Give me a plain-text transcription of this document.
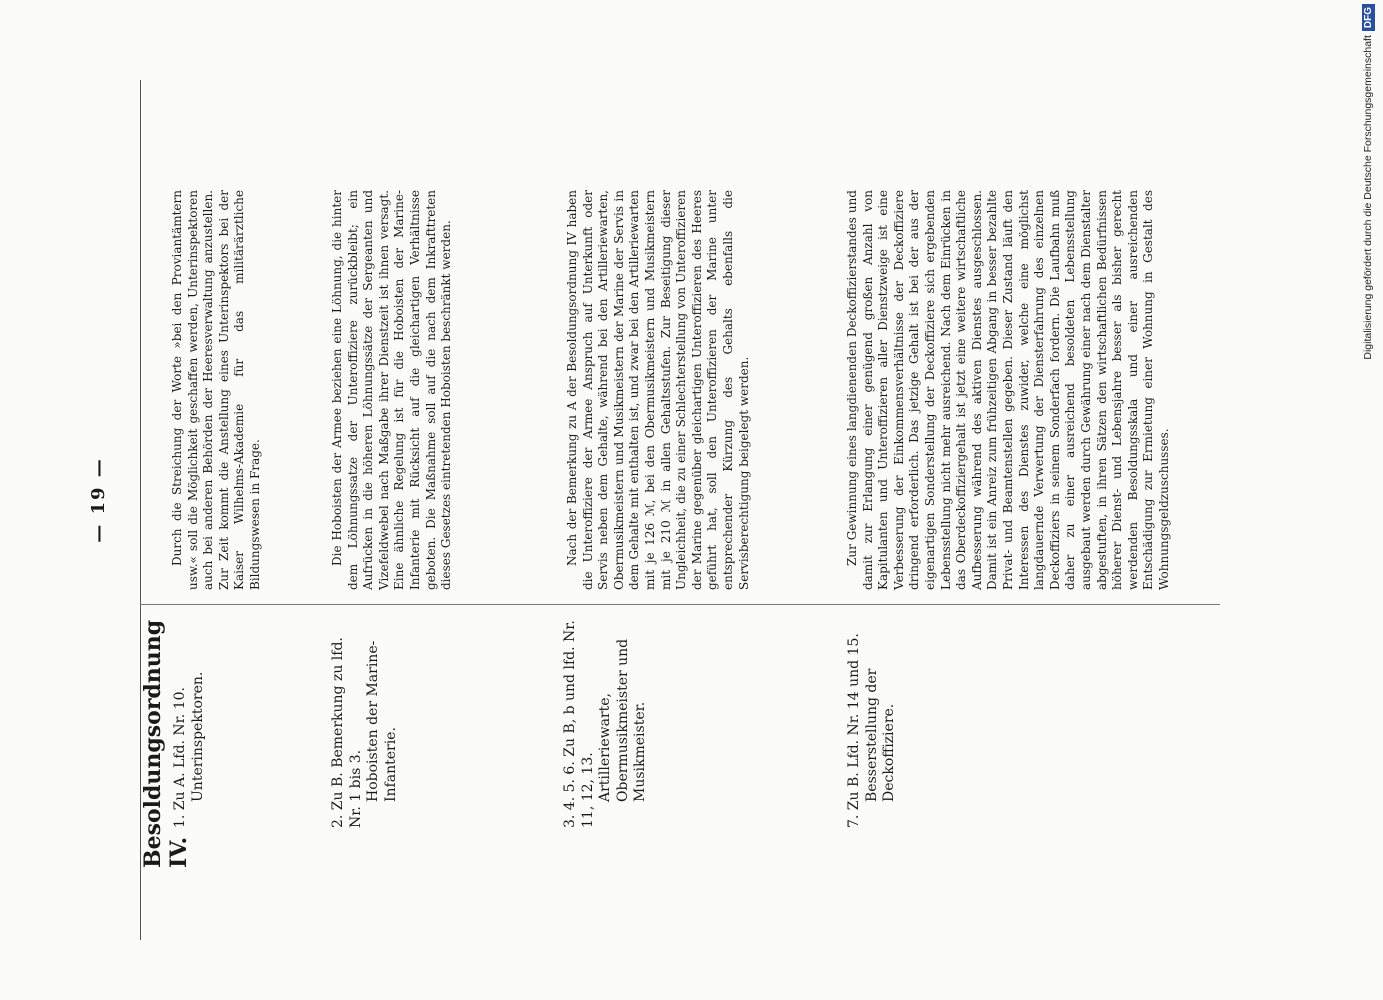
— 19 —
Besoldungsordnung IV.
1. Zu A. Lfd. Nr. 10. Unterinspektoren.
Durch die Streichung der Worte »bei den Proviantämtern usw.« soll die Möglichkeit geschaffen werden, Unterinspektoren auch bei anderen Behörden der Heeresverwaltung anzustellen. Zur Zeit kommt die Anstellung eines Unterinspektors bei der Kaiser Wilhelms-Akademie für das militärärztliche Bildungswesen in Frage.
2. Zu B. Bemerkung zu lfd. Nr. 1 bis 3. Hoboisten der Marine-Infanterie.
Die Hoboisten der Armee beziehen eine Löhnung, die hinter dem Löhnungssatze der Unteroffiziere zurückbleibt; ein Aufrücken in die höheren Löhnungssätze der Sergeanten und Vizefeldwebel nach Maßgabe ihrer Dienstzeit ist ihnen versagt. Eine ähnliche Regelung ist für die Hoboisten der Marine-Infanterie mit Rücksicht auf die gleichartigen Verhältnisse geboten. Die Maßnahme soll auf die nach dem Inkrafttreten dieses Gesetzes eintretenden Hoboisten beschränkt werden.
3. 4. 5. 6. Zu B, b und lfd. Nr. 11, 12, 13. Artilleriewarte, Obermusikmeister und Musikmeister.
Nach der Bemerkung zu A der Besoldungsordnung IV haben die Unteroffiziere der Armee Anspruch auf Unterkunft oder Servis neben dem Gehalte, während bei den Artilleriewarten, Obermusikmeistern und Musikmeistern der Marine der Servis in dem Gehalte mit enthalten ist, und zwar bei den Artilleriewarten mit je 126 ℳ, bei den Obermusikmeistern und Musikmeistern mit je 210 ℳ in allen Gehaltsstufen. Zur Beseitigung dieser Ungleichheit, die zu einer Schlechterstellung von Unteroffizieren der Marine gegenüber gleichartigen Unteroffizieren des Heeres geführt hat, soll den Unteroffizieren der Marine unter entsprechender Kürzung des Gehalts ebenfalls die Servisberechtigung beigelegt werden.
7. Zu B. Lfd. Nr. 14 und 15. Besserstellung der Deckoffiziere.
Zur Gewinnung eines langdienenden Deckoffizierstandes und damit zur Erlangung einer genügend großen Anzahl von Kapitulanten und Unteroffizieren aller Dienstzweige ist eine Verbesserung der Einkommensverhältnisse der Deckoffiziere dringend erforderlich. Das jetzige Gehalt ist bei der aus der eigenartigen Sonderstellung der Deckoffiziere sich ergebenden Lebensstellung nicht mehr ausreichend. Nach dem Einrücken in das Oberdeckoffiziergehalt ist jetzt eine weitere wirtschaftliche Aufbesserung während des aktiven Dienstes ausgeschlossen. Damit ist ein Anreiz zum frühzeitigen Abgang in besser bezahlte Privat- und Beamtenstellen gegeben. Dieser Zustand läuft den Interessen des Dienstes zuwider, welche eine möglichst langdauernde Verwertung der Diensterfahrung des einzelnen Deckoffiziers in seinem Sonderfach fordern. Die Laufbahn muß daher zu einer ausreichend besoldeten Lebensstellung ausgebaut werden durch Gewährung einer nach dem Dienstalter abgestuften, in ihren Sätzen den wirtschaftlichen Bedürfnissen höherer Dienst- und Lebensjahre besser als bisher gerecht werdenden Besoldungsskala und einer ausreichenden Entschädigung zur Ermietung einer Wohnung in Gestalt des Wohnungsgeldzuschusses.
Digitalisierung gefördert durch die Deutsche Forschungsgemeinschaft
DFG
